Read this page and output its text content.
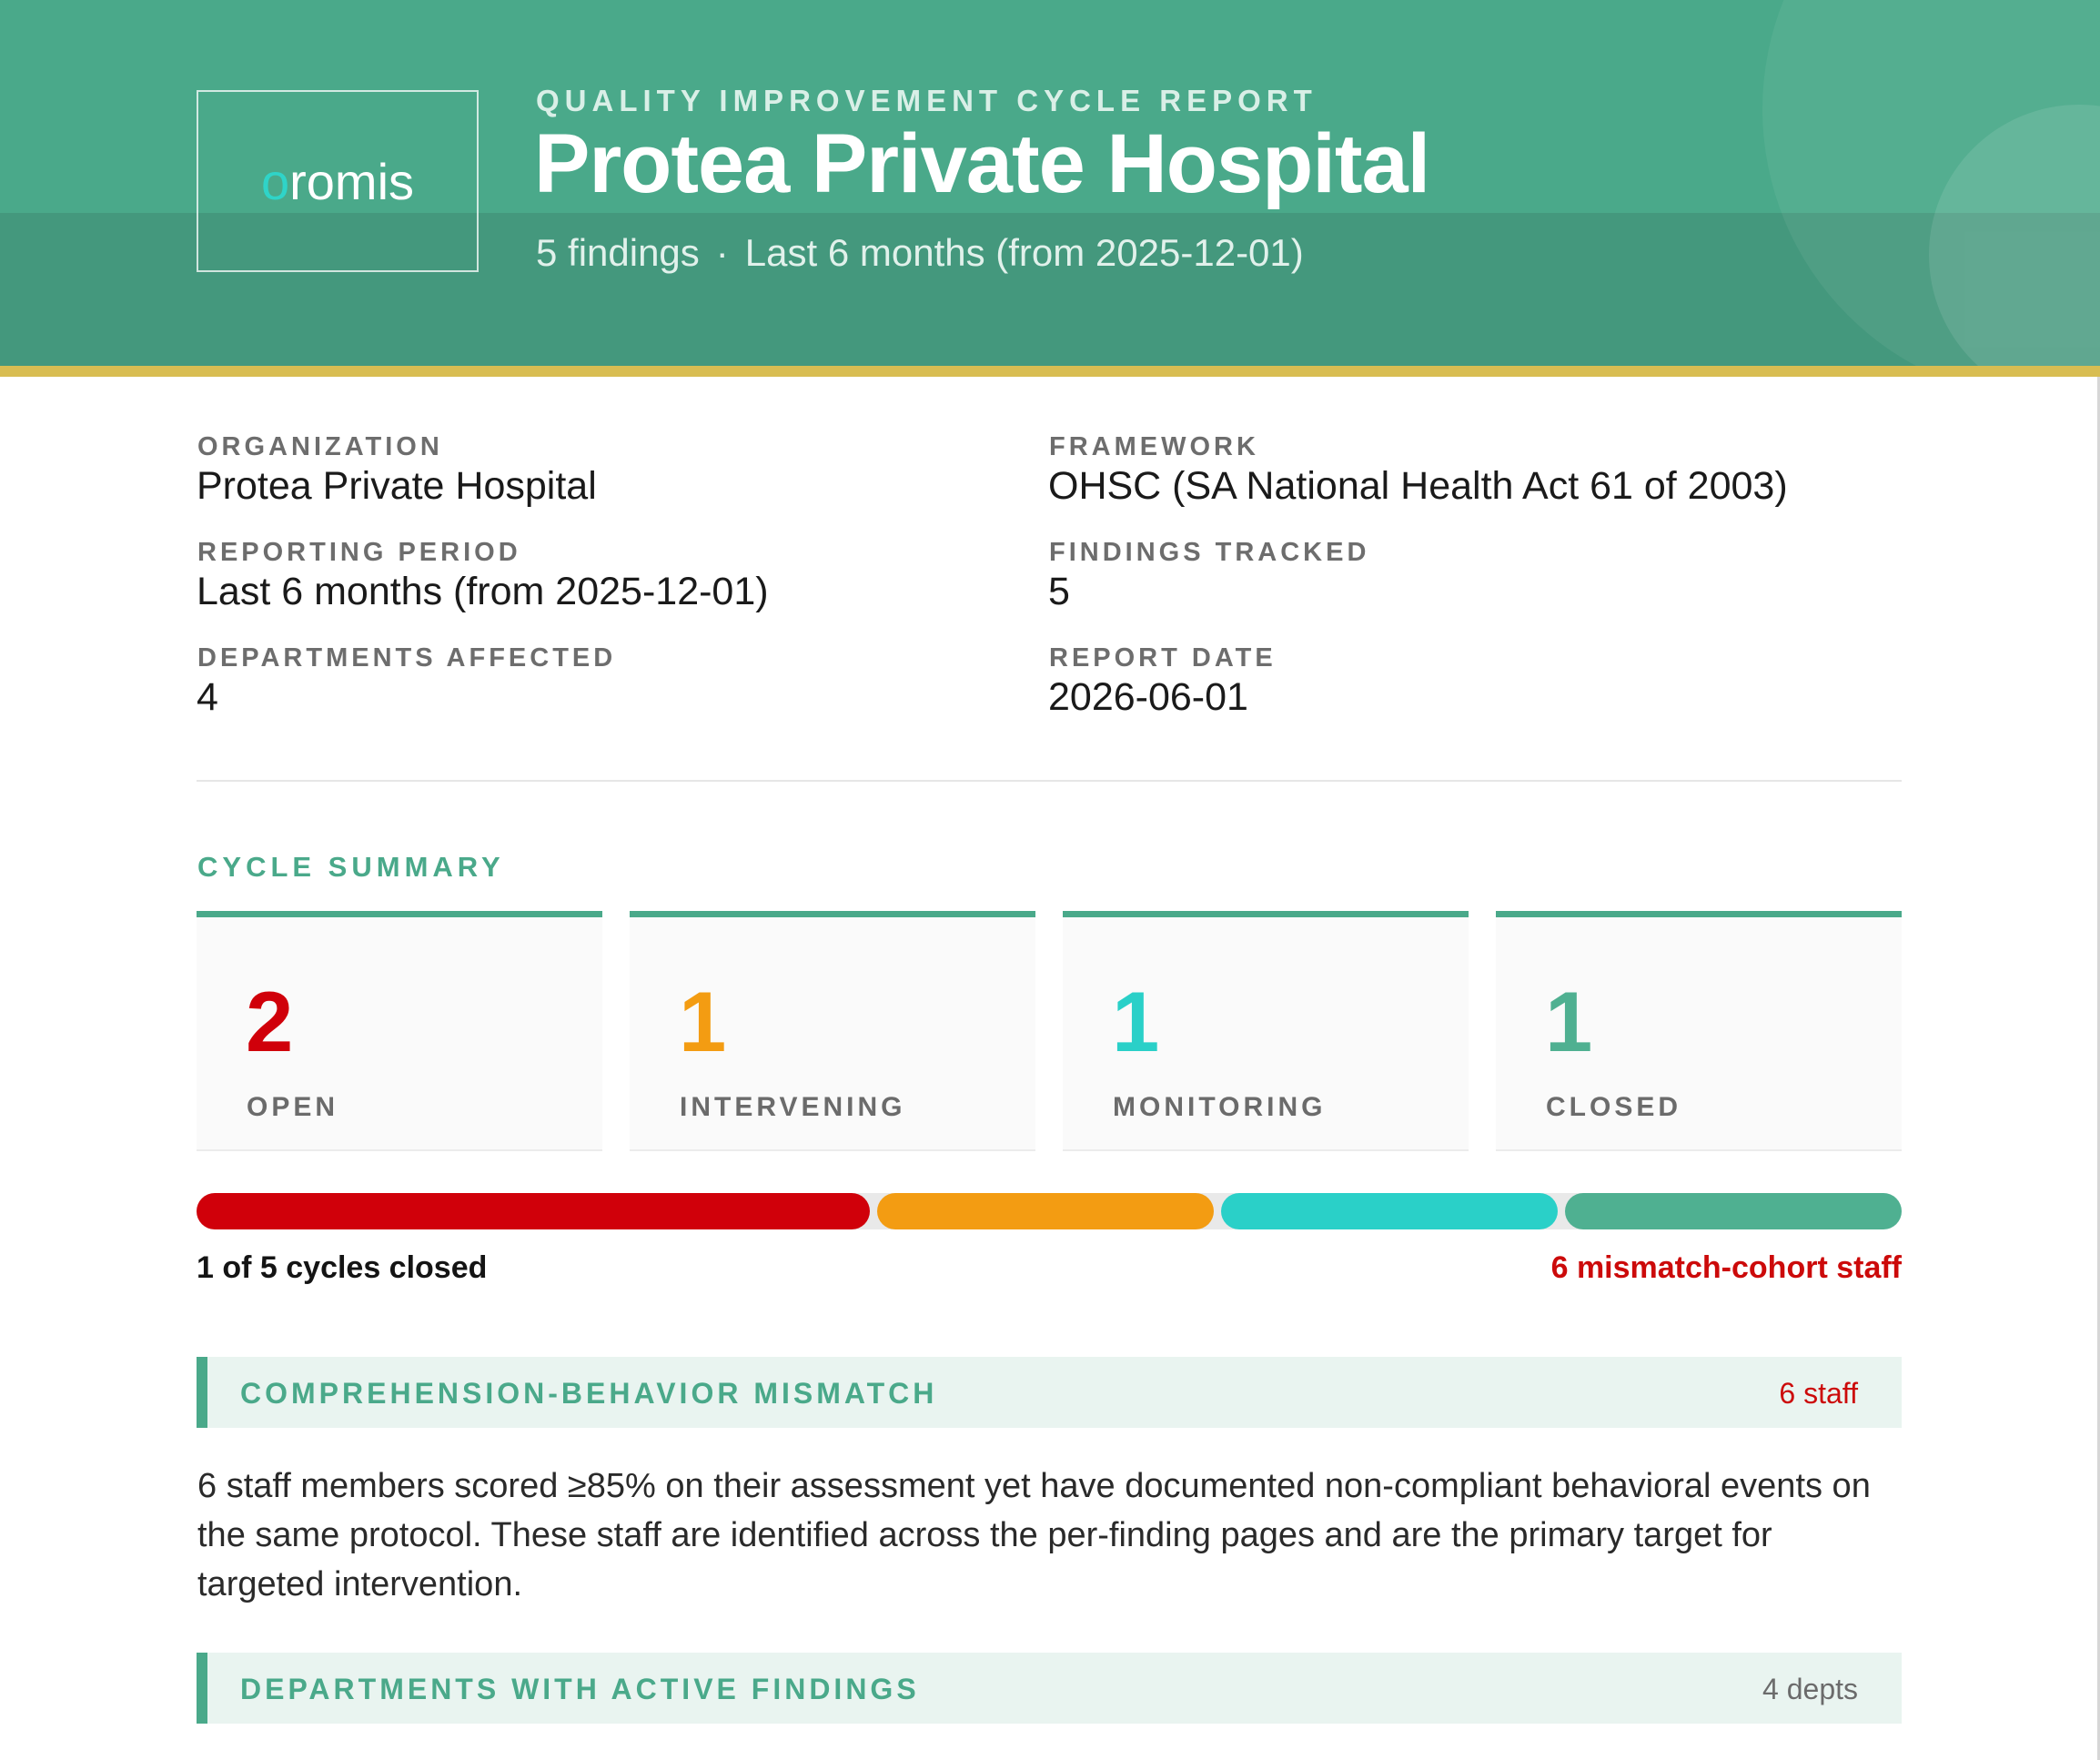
oromis
QUALITY IMPROVEMENT CYCLE REPORT
Protea Private Hospital
5 findings · Last 6 months (from 2025-12-01)
ORGANIZATION
Protea Private Hospital
FRAMEWORK
OHSC (SA National Health Act 61 of 2003)
REPORTING PERIOD
Last 6 months (from 2025-12-01)
FINDINGS TRACKED
5
DEPARTMENTS AFFECTED
4
REPORT DATE
2026-06-01
CYCLE SUMMARY
2
OPEN
1
INTERVENING
1
MONITORING
1
CLOSED
1 of 5 cycles closed	6 mismatch-cohort staff
COMPREHENSION-BEHAVIOR MISMATCH	6 staff
6 staff members scored ≥85% on their assessment yet have documented non-compliant behavioral events on the same protocol. These staff are identified across the per-finding pages and are the primary target for targeted intervention.
DEPARTMENTS WITH ACTIVE FINDINGS	4 depts
